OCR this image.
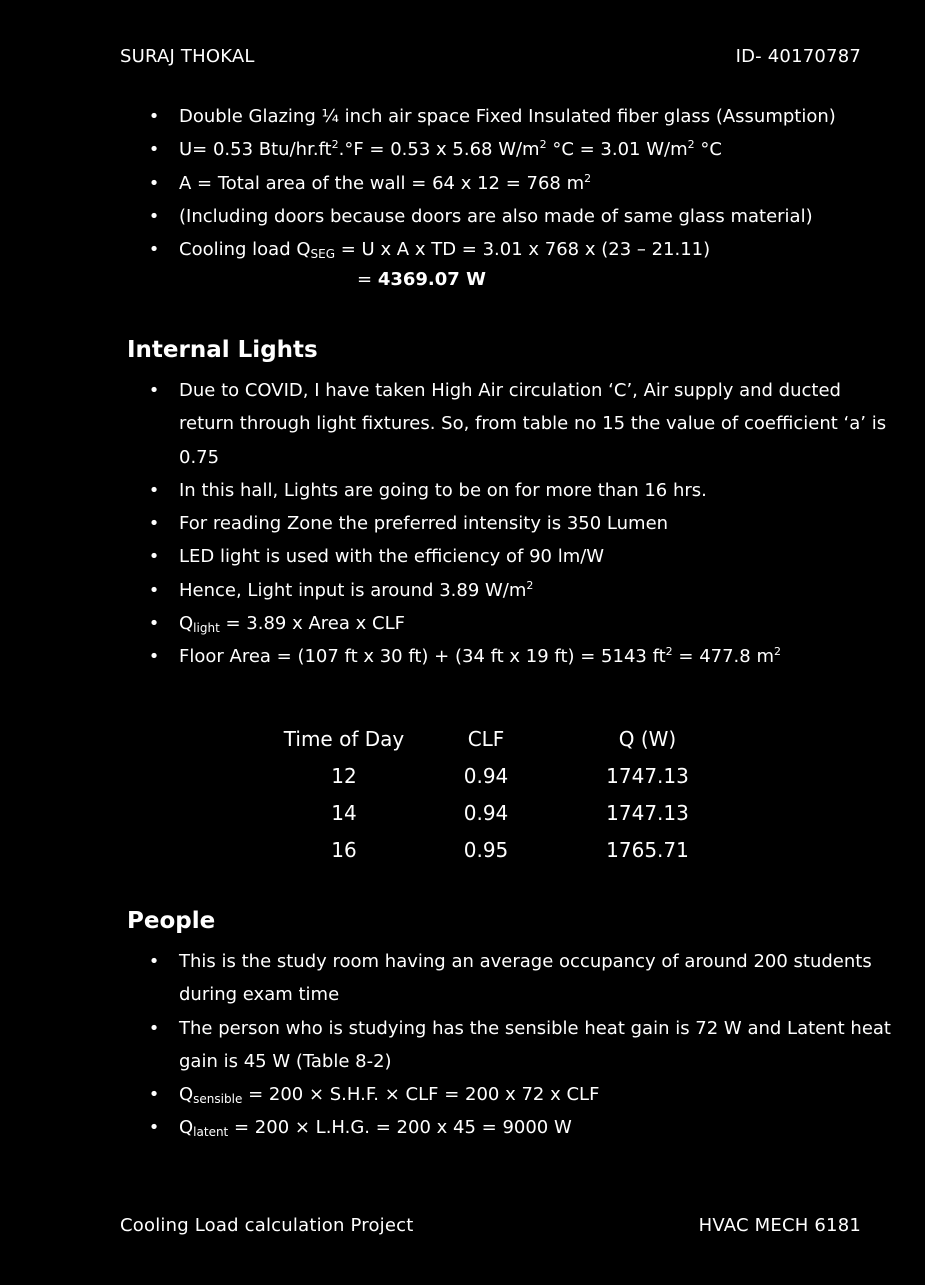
SURAJ THOKAL	ID- 40170787
• Double Glazing ¼ inch air space Fixed Insulated fiber glass (Assumption)
• U= 0.53 Btu/$hr.ft^2.^\circ F = 0.53$ x 5.68 $W/m^2$ °C = 3.01 $W/m^2$ °C
• A = Total area of the wall = 64 x 12 = 768 $m^2$
• (Including doors because doors are also made of same glass material)
• Cooling load $Q_{SEG} = U$ x A x TD = 3.01 x 768 x (23 – 21.11)
= 4369.07 W
Internal Lights
• Due to COVID, I have taken High Air circulation ‘C’, Air supply and ducted return through light fixtures. So, from table no 15 the value of coefficient ‘a’ is 0.75
• In this hall, Lights are going to be on for more than 16 hrs.
• For reading Zone the preferred intensity is 350 Lumen
• LED light is used with the efficiency of 90 lm/W
• Hence, Light input is around 3.89 $W/m^2$
• $Q_{light} = 3.89$ x Area x CLF
• Floor Area = (107 ft x 30 ft) + (34 ft x 19 ft) = 5143 $ft^2 = 477.8$ $m^2$
Time of Day	CLF	Q (W)
12	0.94	1747.13
14	0.94	1747.13
16	0.95	1765.71
People
• This is the study room having an average occupancy of around 200 students during exam time
• The person who is studying has the sensible heat gain is 72 W and Latent heat gain is 45 W (Table 8-2)
• $Q_{sensible} = 200 \times S.H.F$. × CLF = 200 x 72 x CLF
• $Q_{latent} = 200 \times L.H.G$. = 200 x 45 = 9000 W
Cooling Load calculation Project	HVAC MECH 6181
